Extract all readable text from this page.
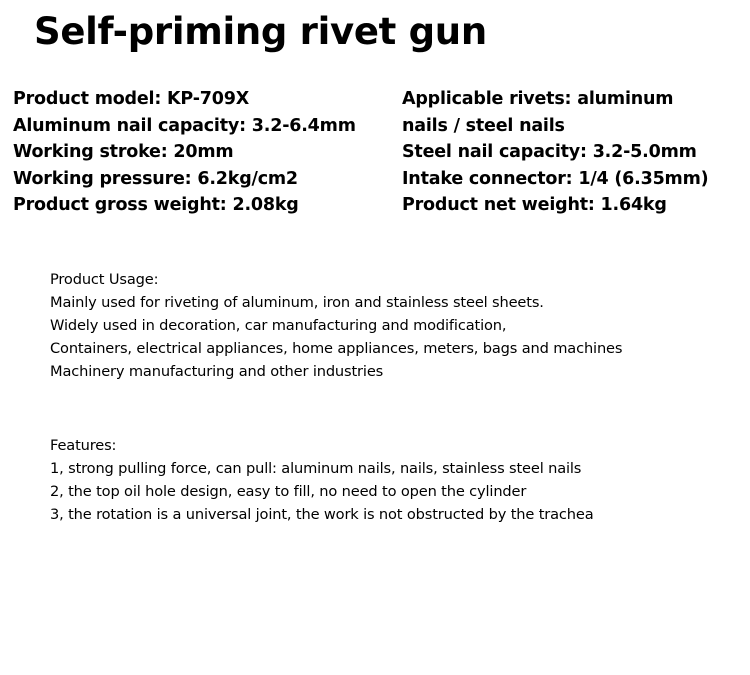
Self-priming rivet gun
Product model: KP-709X
Aluminum nail capacity: 3.2-6.4mm
Working stroke: 20mm
Working pressure: 6.2kg/cm2
Product gross weight: 2.08kg
Applicable rivets: aluminum
nails / steel nails
Steel nail capacity: 3.2-5.0mm
Intake connector: 1/4 (6.35mm)
Product net weight: 1.64kg
Product Usage:
Mainly used for riveting of aluminum, iron and stainless steel sheets.
Widely used in decoration, car manufacturing and modification,
Containers, electrical appliances, home appliances, meters, bags and machines
Machinery manufacturing and other industries
Features:
1, strong pulling force, can pull: aluminum nails, nails, stainless steel nails
2, the top oil hole design, easy to fill, no need to open the cylinder
3, the rotation is a universal joint, the work is not obstructed by the trachea
